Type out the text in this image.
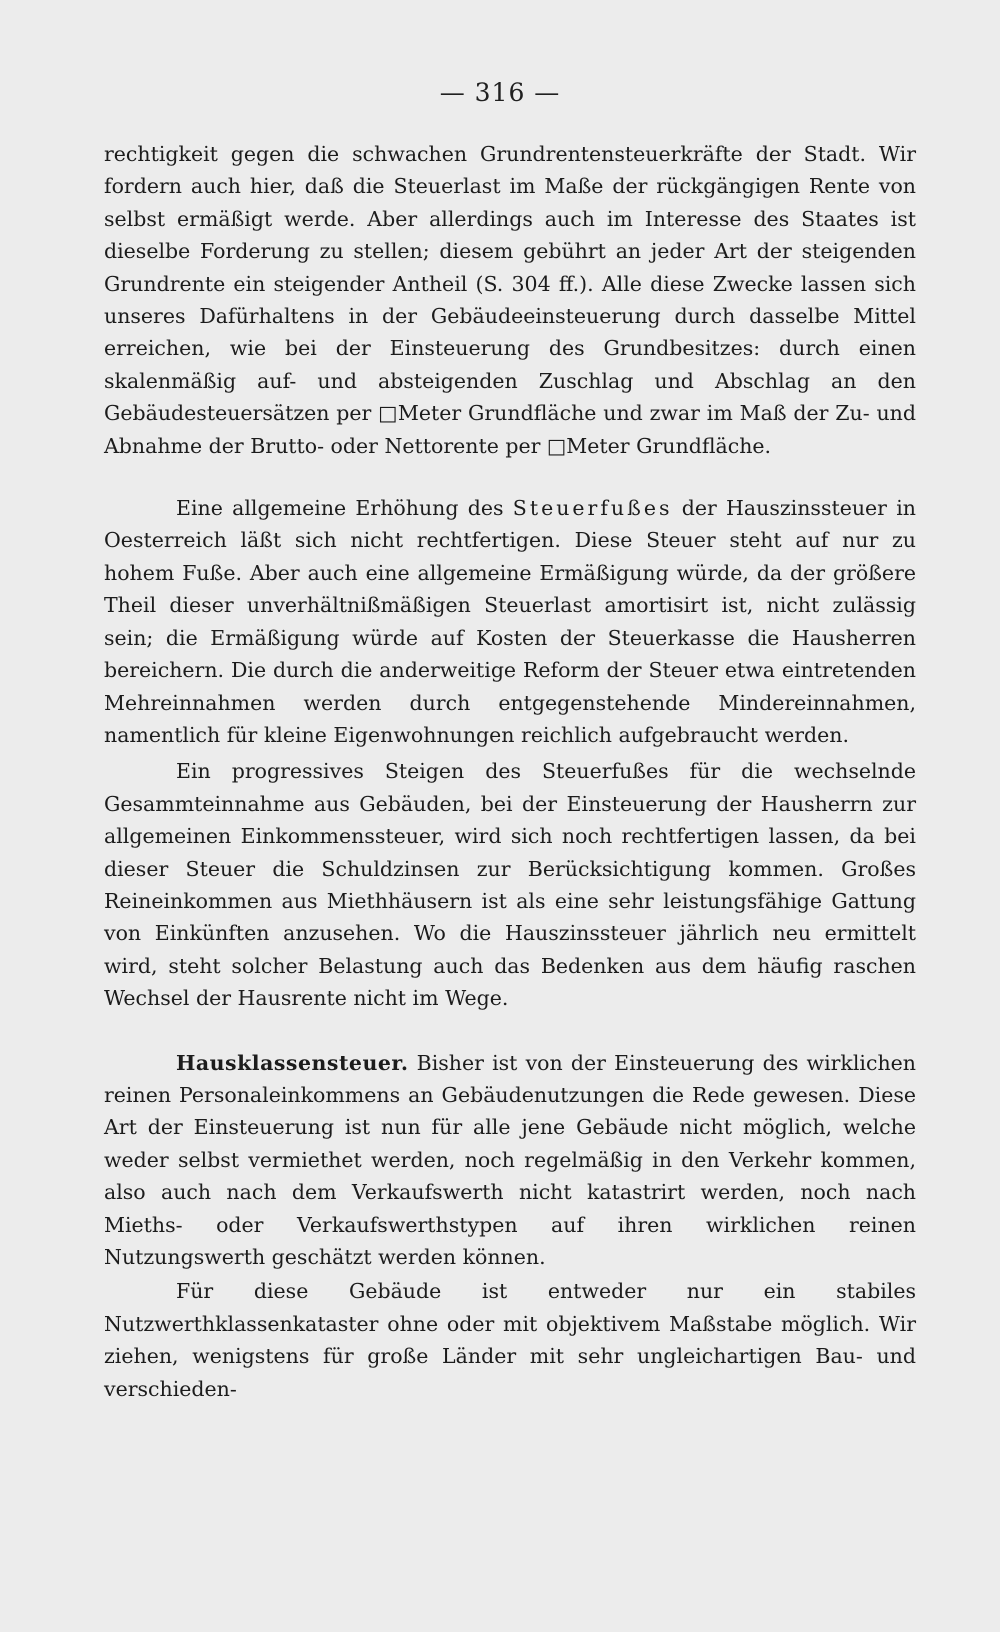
— 316 —

rechtigkeit gegen die schwachen Grundrentensteuerkräfte der Stadt. Wir fordern auch hier, daß die Steuerlast im Maße der rückgängigen Rente von selbst ermäßigt werde. Aber allerdings auch im Interesse des Staates ist dieselbe Forderung zu stellen; diesem gebührt an jeder Art der steigenden Grundrente ein steigender Antheil (S. 304 ff.). Alle diese Zwecke lassen sich unseres Dafürhaltens in der Gebäudeeinsteuerung durch dasselbe Mittel erreichen, wie bei der Einsteuerung des Grundbesitzes: durch einen skalenmäßig auf- und absteigenden Zuschlag und Abschlag an den Gebäudesteuersätzen per □Meter Grundfläche und zwar im Maß der Zu- und Abnahme der Brutto- oder Nettorente per □Meter Grundfläche.

Eine allgemeine Erhöhung des Steuerfußes der Hauszinssteuer in Oesterreich läßt sich nicht rechtfertigen. Diese Steuer steht auf nur zu hohem Fuße. Aber auch eine allgemeine Ermäßigung würde, da der größere Theil dieser unverhältnißmäßigen Steuerlast amortisirt ist, nicht zulässig sein; die Ermäßigung würde auf Kosten der Steuerkasse die Hausherren bereichern. Die durch die anderweitige Reform der Steuer etwa eintretenden Mehreinnahmen werden durch entgegenstehende Mindereinnahmen, namentlich für kleine Eigenwohnungen reichlich aufgebraucht werden.

Ein progressives Steigen des Steuerfußes für die wechselnde Gesammteinnahme aus Gebäuden, bei der Einsteuerung der Hausherrn zur allgemeinen Einkommenssteuer, wird sich noch rechtfertigen lassen, da bei dieser Steuer die Schuldzinsen zur Berücksichtigung kommen. Großes Reineinkommen aus Miethhäusern ist als eine sehr leistungsfähige Gattung von Einkünften anzusehen. Wo die Hauszinssteuer jährlich neu ermittelt wird, steht solcher Belastung auch das Bedenken aus dem häufig raschen Wechsel der Hausrente nicht im Wege.

Hausklassensteuer. Bisher ist von der Einsteuerung des wirklichen reinen Personaleinkommens an Gebäudenutzungen die Rede gewesen. Diese Art der Einsteuerung ist nun für alle jene Gebäude nicht möglich, welche weder selbst vermiethet werden, noch regelmäßig in den Verkehr kommen, also auch nach dem Verkaufswerth nicht katastrirt werden, noch nach Mieths- oder Verkaufswerthstypen auf ihren wirklichen reinen Nutzungswerth geschätzt werden können.

Für diese Gebäude ist entweder nur ein stabiles Nutzwerthklassenkataster ohne oder mit objektivem Maßstabe möglich. Wir ziehen, wenigstens für große Länder mit sehr ungleichartigen Bau- und verschieden-
